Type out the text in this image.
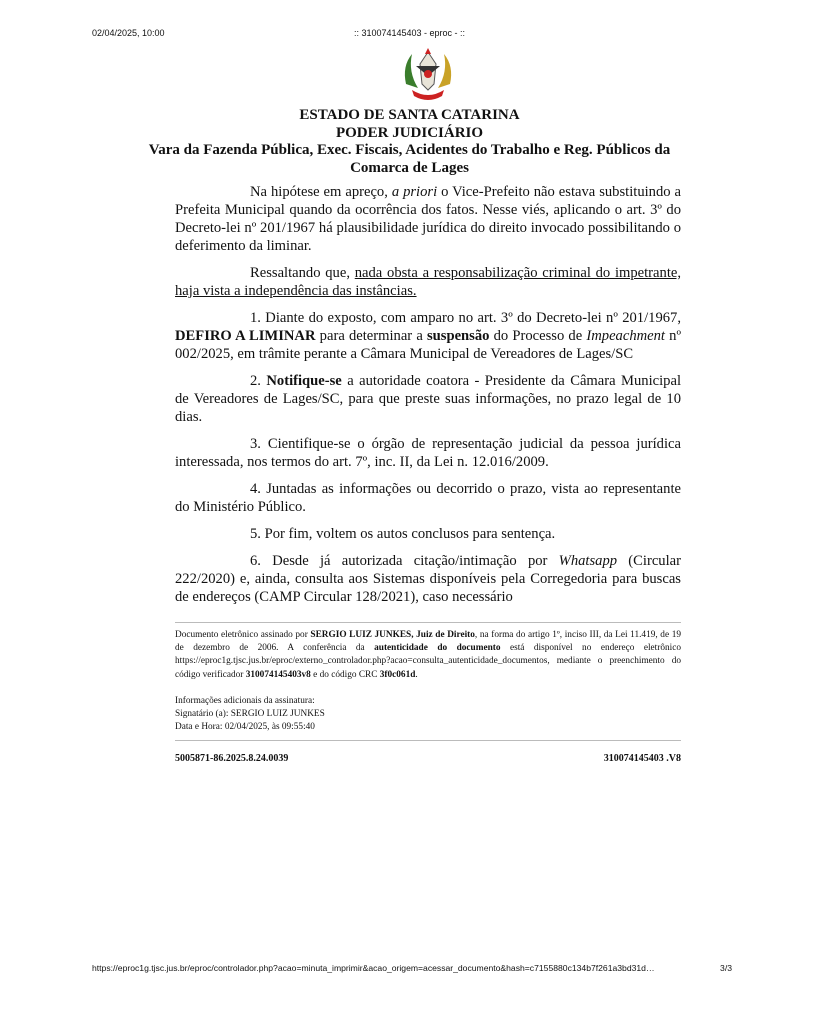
02/04/2025, 10:00	:: 310074145403 - eproc - ::
ESTADO DE SANTA CATARINA
PODER JUDICIÁRIO
Vara da Fazenda Pública, Exec. Fiscais, Acidentes do Trabalho e Reg. Públicos da
Comarca de Lages

Na hipótese em apreço, a priori o Vice-Prefeito não estava substituindo a Prefeita Municipal quando da ocorrência dos fatos. Nesse viés, aplicando o art. 3º do Decreto-lei nº 201/1967 há plausibilidade jurídica do direito invocado possibilitando o deferimento da liminar.

Ressaltando que, nada obsta a responsabilização criminal do impetrante, haja vista a independência das instâncias.

1. Diante do exposto, com amparo no art. 3º do Decreto-lei nº 201/1967, DEFIRO A LIMINAR para determinar a suspensão do Processo de Impeachment nº 002/2025, em trâmite perante a Câmara Municipal de Vereadores de Lages/SC

2. Notifique-se a autoridade coatora - Presidente da Câmara Municipal de Vereadores de Lages/SC, para que preste suas informações, no prazo legal de 10 dias.

3. Cientifique-se o órgão de representação judicial da pessoa jurídica interessada, nos termos do art. 7º, inc. II, da Lei n. 12.016/2009.

4. Juntadas as informações ou decorrido o prazo, vista ao representante do Ministério Público.

5. Por fim, voltem os autos conclusos para sentença.

6. Desde já autorizada citação/intimação por Whatsapp (Circular 222/2020) e, ainda, consulta aos Sistemas disponíveis pela Corregedoria para buscas de endereços (CAMP Circular 128/2021), caso necessário

Documento eletrônico assinado por SERGIO LUIZ JUNKES, Juiz de Direito, na forma do artigo 1º, inciso III, da Lei 11.419, de 19 de dezembro de 2006. A conferência da autenticidade do documento está disponível no endereço eletrônico https://eproc1g.tjsc.jus.br/eproc/externo_controlador.php?acao=consulta_autenticidade_documentos, mediante o preenchimento do código verificador 310074145403v8 e do código CRC 3f0c061d.

Informações adicionais da assinatura:
Signatário (a): SERGIO LUIZ JUNKES
Data e Hora: 02/04/2025, às 09:55:40
5005871-86.2025.8.24.0039	310074145403 .V8
https://eproc1g.tjsc.jus.br/eproc/controlador.php?acao=minuta_imprimir&acao_origem=acessar_documento&hash=c7155880c134b7f261a3bd31d…	3/3
